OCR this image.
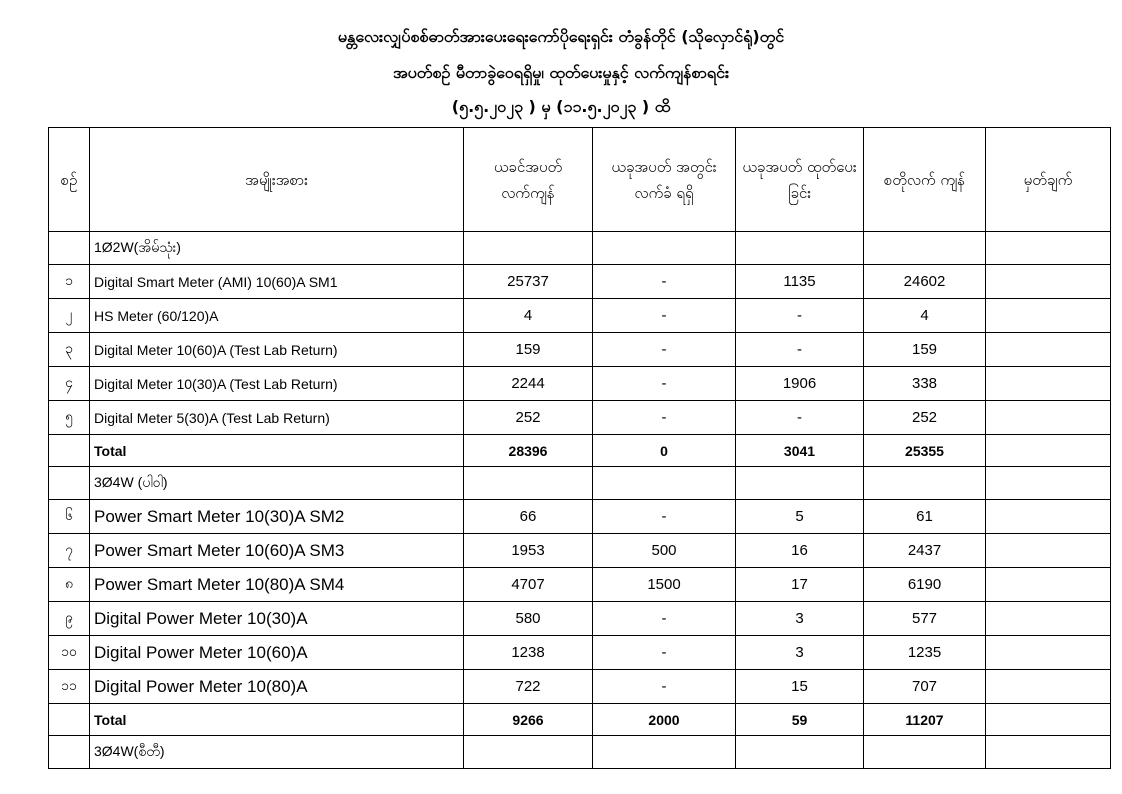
မန္တလေးလျှပ်စစ်ဓာတ်အားပေးရေးကော်ပိုရေးရှင်း တံခွန်တိုင် (သိုလှောင်ရုံ)တွင်
အပတ်စဉ် မီတာခွဲဝေရရှိမှု၊ ထုတ်ပေးမှုနှင့် လက်ကျန်စာရင်း
(၅.၅.၂၀၂၃ ) မှ (၁၁.၅.၂၀၂၃ ) ထိ
စဉ်	အမျိုးအစား	ယခင်အပတ် လက်ကျန်	ယခုအပတ် အတွင်းလက်ခံ ရရှိ	ယခုအပတ် ထုတ်ပေးခြင်း	စတိုလက် ကျန်	မှတ်ချက်
	1Ø2W(အိမ်သုံး)					
၁	Digital Smart Meter (AMI) 10(60)A SM1	25737	-	1135	24602	
၂	HS Meter (60/120)A	4	-	-	4	
၃	Digital Meter 10(60)A (Test Lab Return)	159	-	-	159	
၄	Digital Meter 10(30)A (Test Lab Return)	2244	-	1906	338	
၅	Digital Meter 5(30)A (Test Lab Return)	252	-	-	252	
	Total	28396	0	3041	25355	
	3Ø4W (ပါဝါ)					
၆	Power Smart Meter 10(30)A SM2	66	-	5	61	
၇	Power Smart Meter 10(60)A SM3	1953	500	16	2437	
၈	Power Smart Meter 10(80)A SM4	4707	1500	17	6190	
၉	Digital Power Meter 10(30)A	580	-	3	577	
၁၀	Digital Power Meter 10(60)A	1238	-	3	1235	
၁၁	Digital Power Meter 10(80)A	722	-	15	707	
	Total	9266	2000	59	11207	
	3Ø4W(စီတီ)					
